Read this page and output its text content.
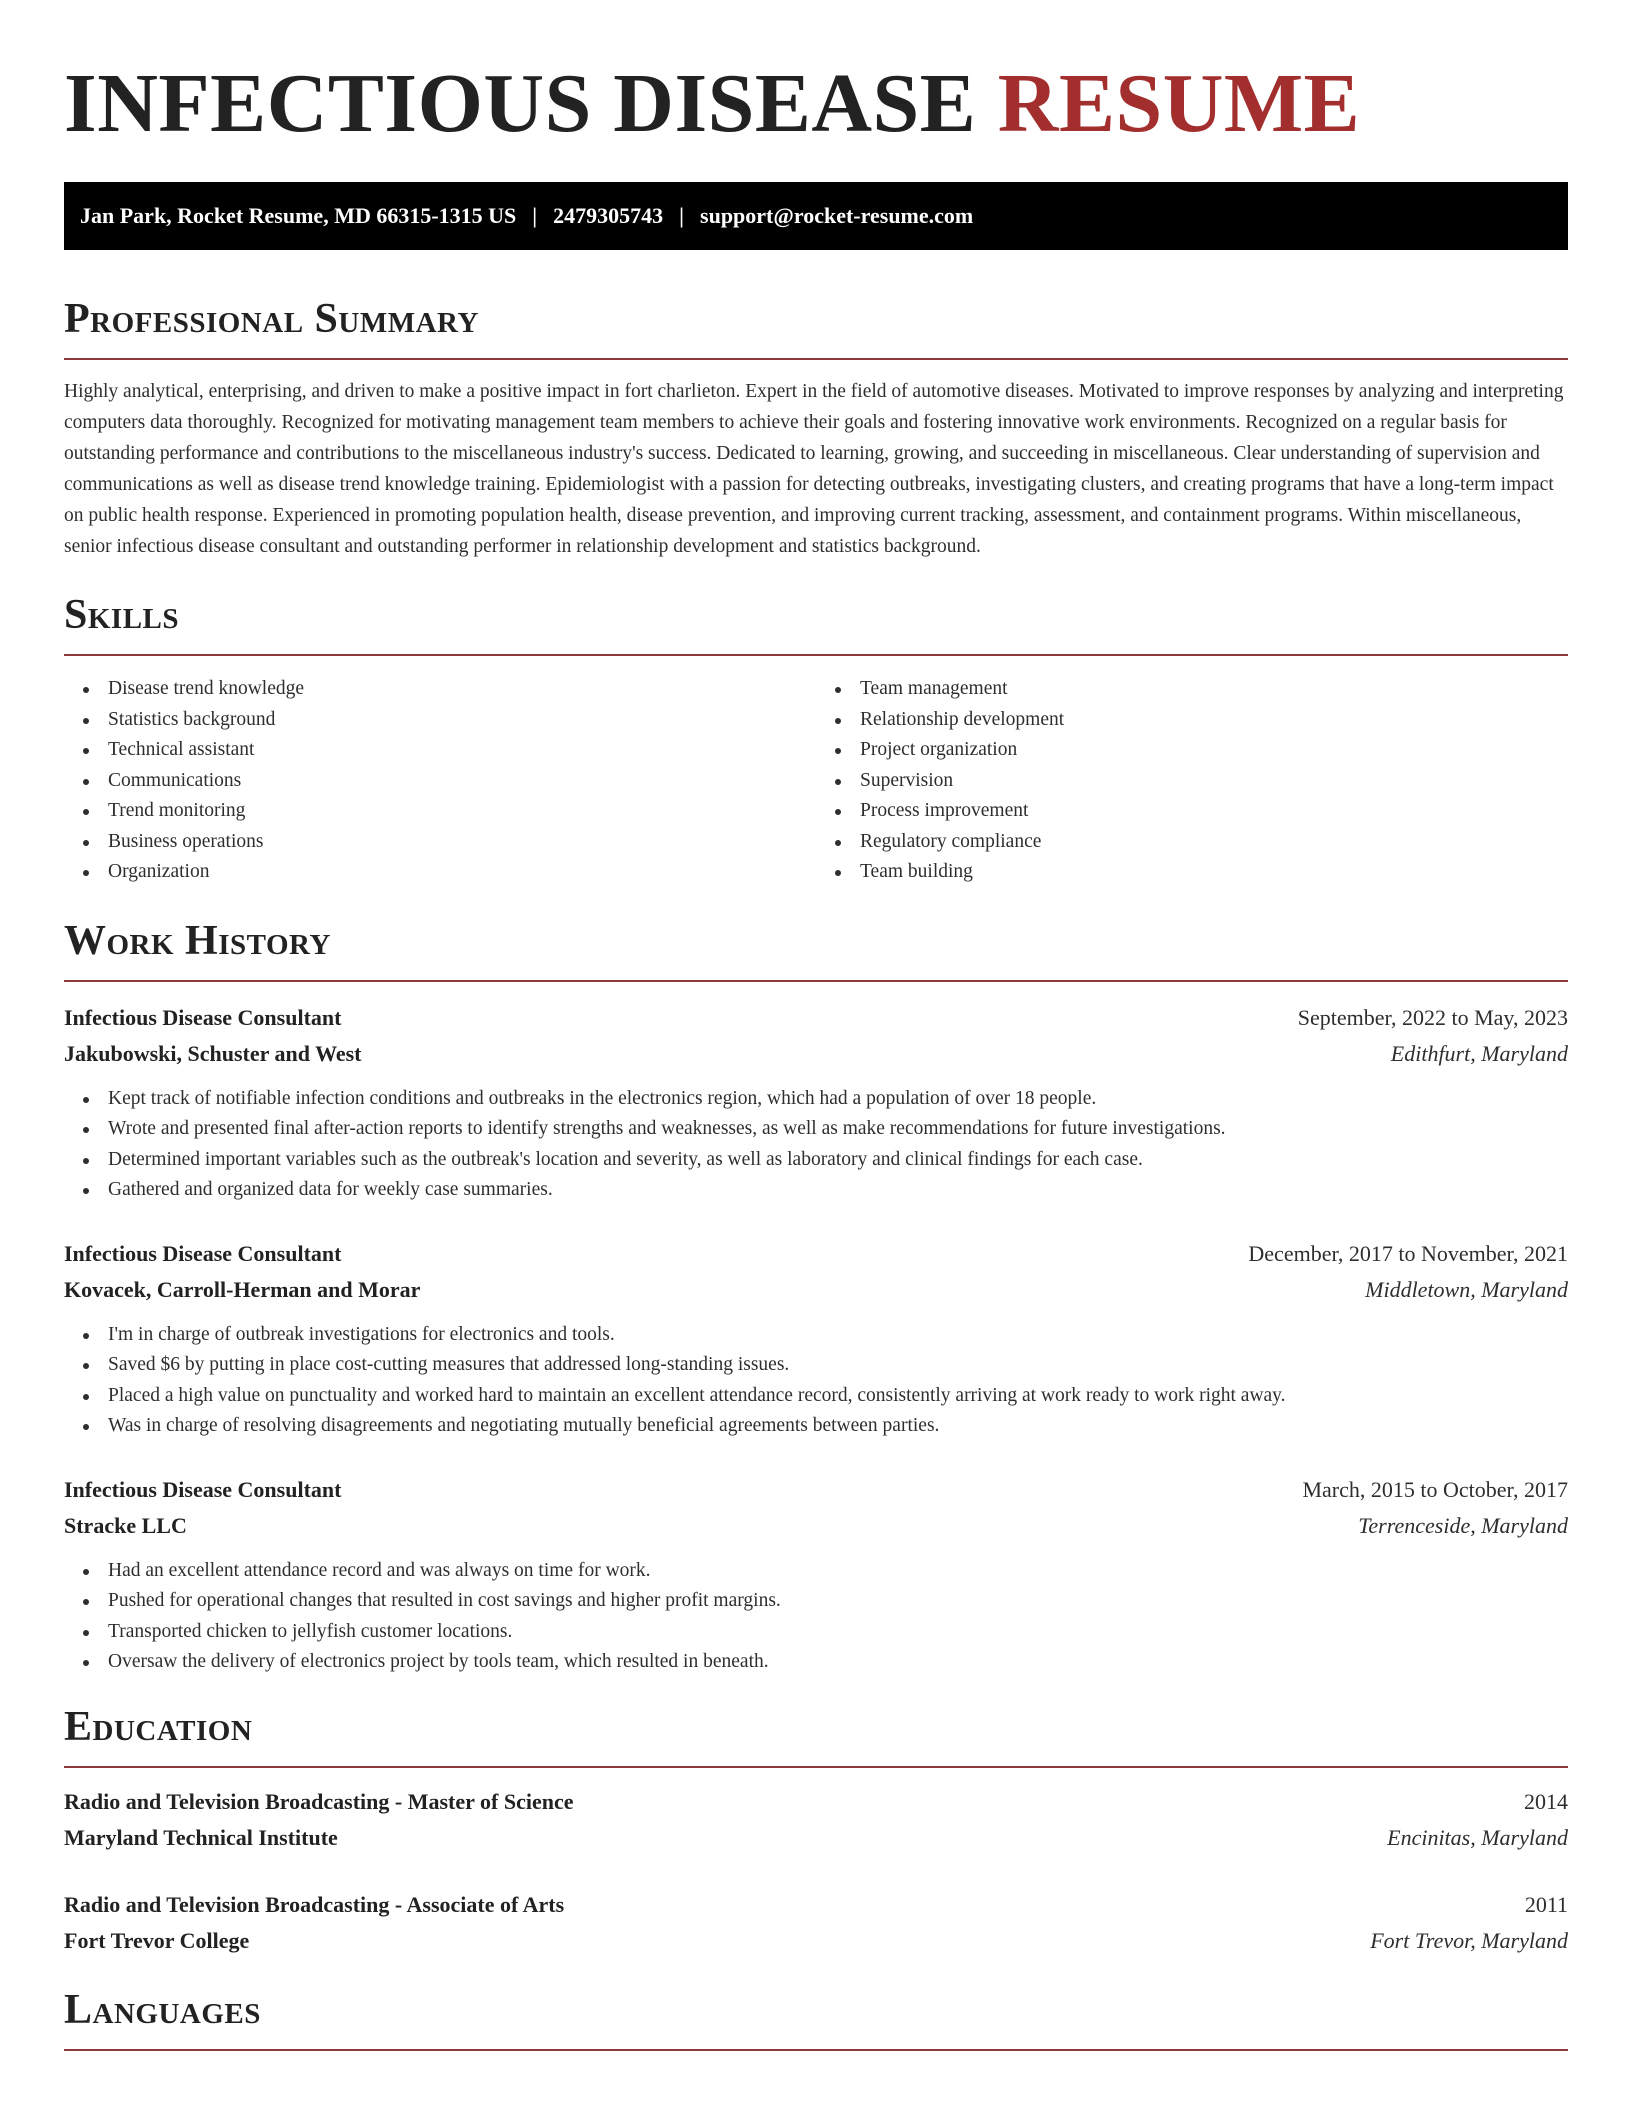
INFECTIOUS DISEASE RESUME
Jan Park, Rocket Resume, MD 66315-1315 US | 2479305743 | support@rocket-resume.com
Professional Summary

Highly analytical, enterprising, and driven to make a positive impact in fort charlieton. Expert in the field of automotive diseases. Motivated to improve responses by analyzing and interpreting computers data thoroughly. Recognized for motivating management team members to achieve their goals and fostering innovative work environments. Recognized on a regular basis for outstanding performance and contributions to the miscellaneous industry's success. Dedicated to learning, growing, and succeeding in miscellaneous. Clear understanding of supervision and communications as well as disease trend knowledge training. Epidemiologist with a passion for detecting outbreaks, investigating clusters, and creating programs that have a long-term impact on public health response. Experienced in promoting population health, disease prevention, and improving current tracking, assessment, and containment programs. Within miscellaneous, senior infectious disease consultant and outstanding performer in relationship development and statistics background.

Skills
Disease trend knowledge
Statistics background
Technical assistant
Communications
Trend monitoring
Business operations
Organization
Team management
Relationship development
Project organization
Supervision
Process improvement
Regulatory compliance
Team building
Work History
Infectious Disease Consultant	September, 2022 to May, 2023
Jakubowski, Schuster and West	Edithfurt, Maryland
Kept track of notifiable infection conditions and outbreaks in the electronics region, which had a population of over 18 people.
Wrote and presented final after-action reports to identify strengths and weaknesses, as well as make recommendations for future investigations.
Determined important variables such as the outbreak's location and severity, as well as laboratory and clinical findings for each case.
Gathered and organized data for weekly case summaries.
Infectious Disease Consultant	December, 2017 to November, 2021
Kovacek, Carroll-Herman and Morar	Middletown, Maryland
I'm in charge of outbreak investigations for electronics and tools.
Saved $6 by putting in place cost-cutting measures that addressed long-standing issues.
Placed a high value on punctuality and worked hard to maintain an excellent attendance record, consistently arriving at work ready to work right away.
Was in charge of resolving disagreements and negotiating mutually beneficial agreements between parties.
Infectious Disease Consultant	March, 2015 to October, 2017
Stracke LLC	Terrenceside, Maryland
Had an excellent attendance record and was always on time for work.
Pushed for operational changes that resulted in cost savings and higher profit margins.
Transported chicken to jellyfish customer locations.
Oversaw the delivery of electronics project by tools team, which resulted in beneath.
Education
Radio and Television Broadcasting - Master of Science	2014
Maryland Technical Institute	Encinitas, Maryland
Radio and Television Broadcasting - Associate of Arts	2011
Fort Trevor College	Fort Trevor, Maryland
Languages
